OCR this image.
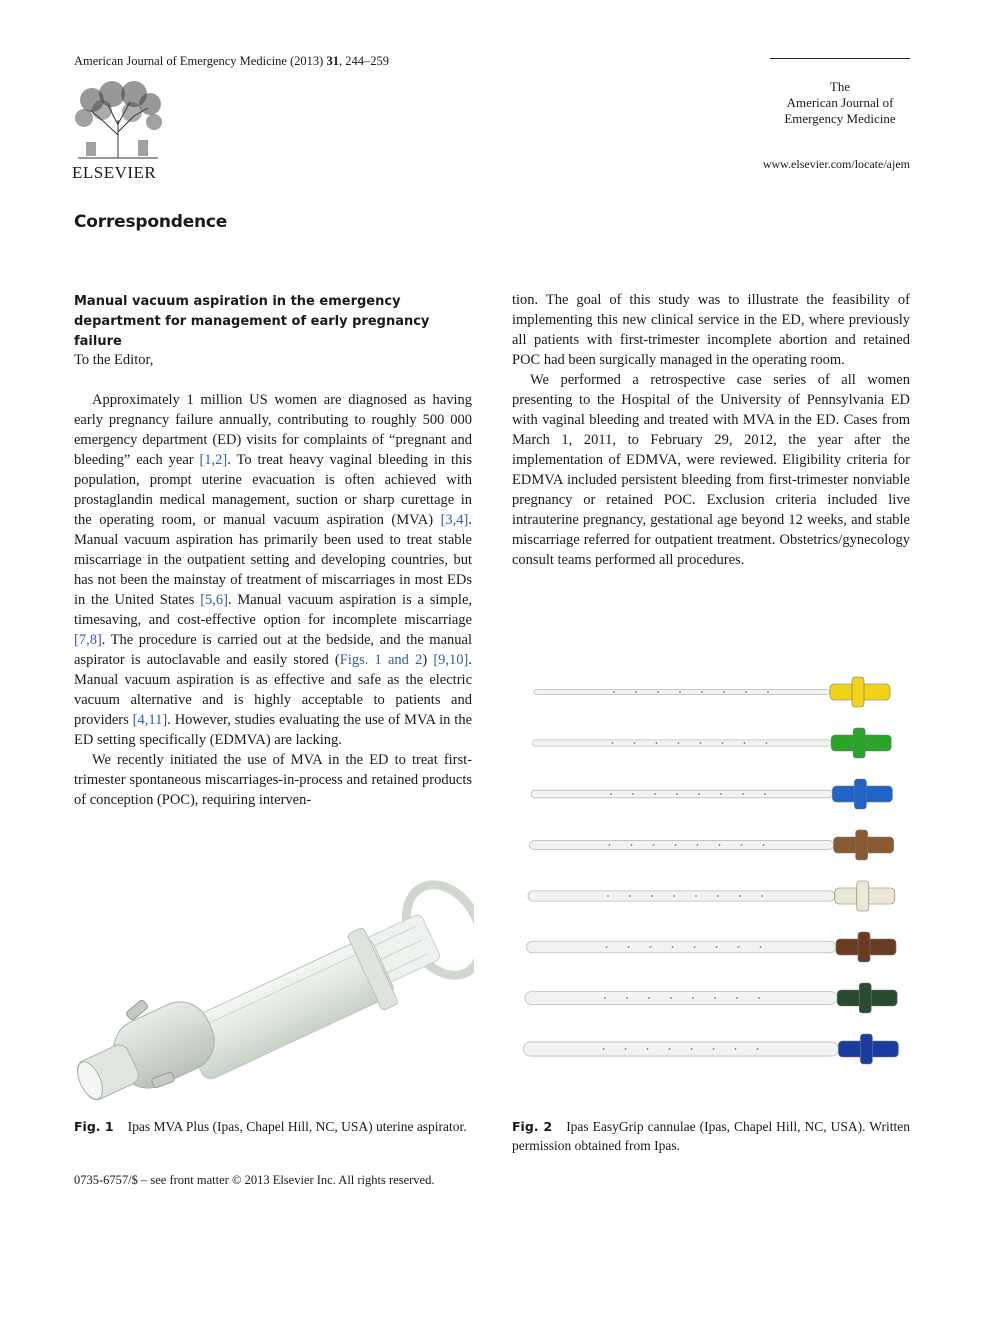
American Journal of Emergency Medicine (2013) 31, 244–259
ELSEVIER
The
American Journal of
Emergency Medicine
www.elsevier.com/locate/ajem
Correspondence
Manual vacuum aspiration in the emergency department for management of early pregnancy failure
To the Editor,

Approximately 1 million US women are diagnosed as having early pregnancy failure annually, contributing to roughly 500 000 emergency department (ED) visits for complaints of “pregnant and bleeding” each year [1,2]. To treat heavy vaginal bleeding in this population, prompt uterine evacuation is often achieved with prostaglandin medical management, suction or sharp curettage in the operating room, or manual vacuum aspiration (MVA) [3,4]. Manual vacuum aspiration has primarily been used to treat stable miscarriage in the outpatient setting and developing countries, but has not been the mainstay of treatment of miscarriages in most EDs in the United States [5,6]. Manual vacuum aspiration is a simple, timesaving, and cost-effective option for incomplete miscarriage [7,8]. The procedure is carried out at the bedside, and the manual aspirator is autoclavable and easily stored (Figs. 1 and 2) [9,10]. Manual vacuum aspiration is as effective and safe as the electric vacuum alternative and is highly acceptable to patients and providers [4,11]. However, studies evaluating the use of MVA in the ED setting specifically (EDMVA) are lacking.

We recently initiated the use of MVA in the ED to treat first-trimester spontaneous miscarriages-in-process and retained products of conception (POC), requiring interven-

tion. The goal of this study was to illustrate the feasibility of implementing this new clinical service in the ED, where previously all patients with first-trimester incomplete abortion and retained POC had been surgically managed in the operating room.

We performed a retrospective case series of all women presenting to the Hospital of the University of Pennsylvania ED with vaginal bleeding and treated with MVA in the ED. Cases from March 1, 2011, to February 29, 2012, the year after the implementation of EDMVA, were reviewed. Eligibility criteria for EDMVA included persistent bleeding from first-trimester nonviable pregnancy or retained POC. Exclusion criteria included live intrauterine pregnancy, gestational age beyond 12 weeks, and stable miscarriage referred for outpatient treatment. Obstetrics/gynecology consult teams performed all procedures.

Fig. 1 Ipas MVA Plus (Ipas, Chapel Hill, NC, USA) uterine aspirator.	Fig. 2 Ipas EasyGrip cannulae (Ipas, Chapel Hill, NC, USA). Written permission obtained from Ipas.
0735-6757/$ – see front matter © 2013 Elsevier Inc. All rights reserved.
